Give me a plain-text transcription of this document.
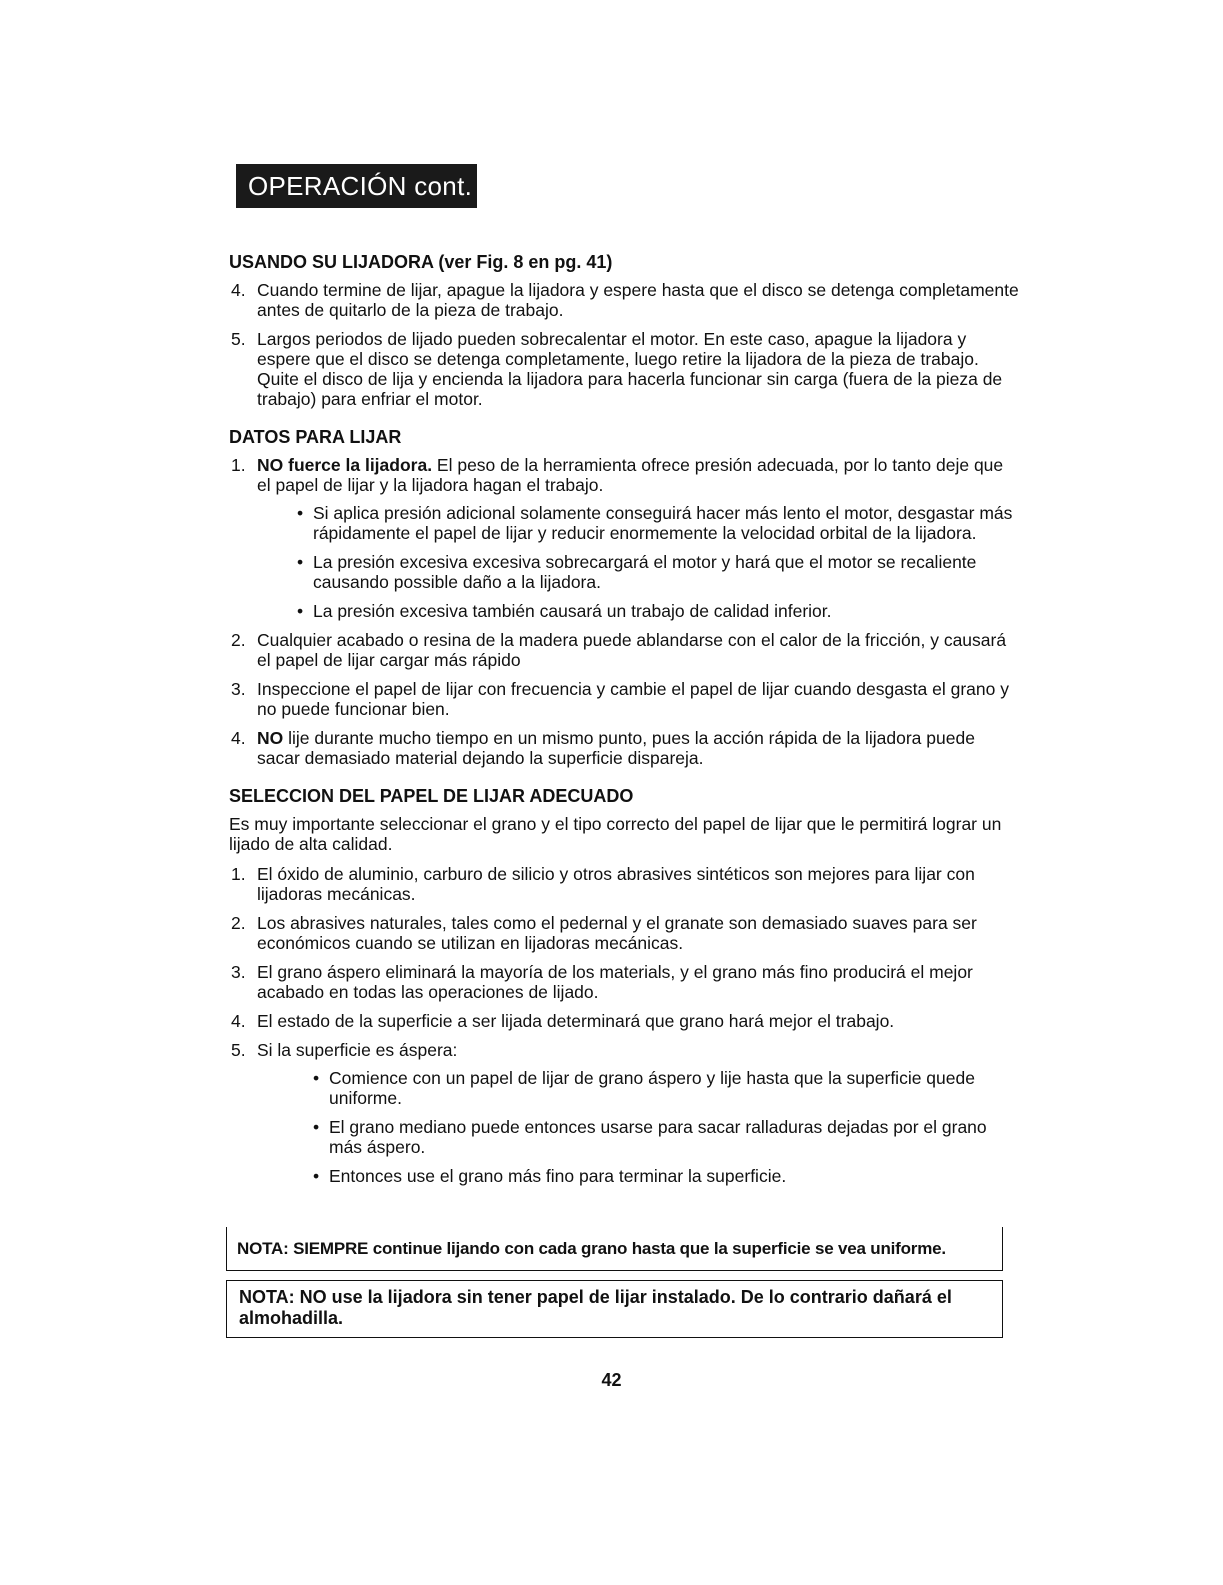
OPERACIÓN cont.
USANDO SU LIJADORA (ver Fig. 8 en pg. 41)
4. Cuando termine de lijar, apague la lijadora y espere hasta que el disco se detenga completamente antes de quitarlo de la pieza de trabajo.
5. Largos periodos de lijado pueden sobrecalentar el motor. En este caso, apague la lijadora y espere que el disco se detenga completamente, luego retire la lijadora de la pieza de trabajo. Quite el disco de lija y encienda la lijadora para hacerla funcionar sin carga (fuera de la pieza de trabajo) para enfriar el motor.
DATOS PARA LIJAR
1. NO fuerce la lijadora. El peso de la herramienta ofrece presión adecuada, por lo tanto deje que el papel de lijar y la lijadora hagan el trabajo.
• Si aplica presión adicional solamente conseguirá hacer más lento el motor, desgastar más rápidamente el papel de lijar y reducir enormemente la velocidad orbital de la lijadora.
• La presión excesiva excesiva sobrecargará el motor y hará que el motor se recaliente causando possible daño a la lijadora.
• La presión excesiva también causará un trabajo de calidad inferior.
2. Cualquier acabado o resina de la madera puede ablandarse con el calor de la fricción, y causará el papel de lijar cargar más rápido
3. Inspeccione el papel de lijar con frecuencia y cambie el papel de lijar cuando desgasta el grano y no puede funcionar bien.
4. NO lije durante mucho tiempo en un mismo punto, pues la acción rápida de la lijadora puede sacar demasiado material dejando la superficie dispareja.
SELECCION DEL PAPEL DE LIJAR ADECUADO
Es muy importante seleccionar el grano y el tipo correcto del papel de lijar que le permitirá lograr un lijado de alta calidad.
1. El óxido de aluminio, carburo de silicio y otros abrasives sintéticos son mejores para lijar con lijadoras mecánicas.
2. Los abrasives naturales, tales como el pedernal y el granate son demasiado suaves para ser económicos cuando se utilizan en lijadoras mecánicas.
3. El grano áspero eliminará la mayoría de los materials, y el grano más fino producirá el mejor acabado en todas las operaciones de lijado.
4. El estado de la superficie a ser lijada determinará que grano hará mejor el trabajo.
5. Si la superficie es áspera:
• Comience con un papel de lijar de grano áspero y lije hasta que la superficie quede uniforme.
• El grano mediano puede entonces usarse para sacar ralladuras dejadas por el grano más áspero.
• Entonces use el grano más fino para terminar la superficie.
NOTA: SIEMPRE continue lijando con cada grano hasta que la superficie se vea uniforme.
NOTA: NO use la lijadora sin tener papel de lijar instalado. De lo contrario dañará el almohadilla.
42
